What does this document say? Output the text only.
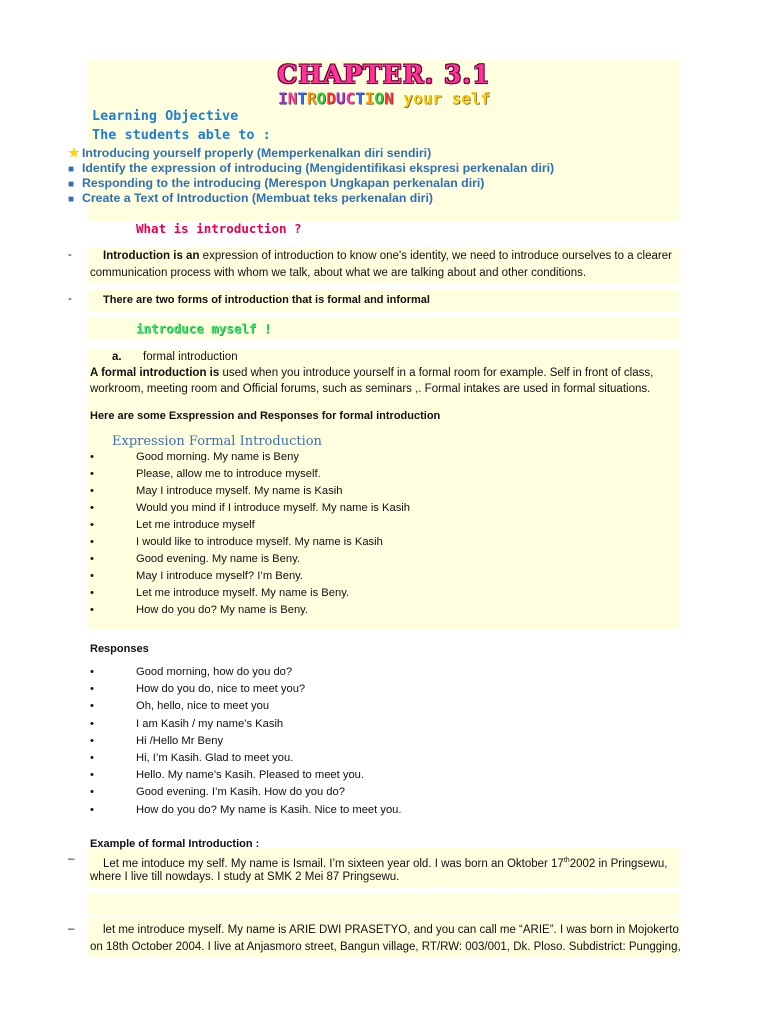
CHAPTER. 3.1
INTRODUCTION your self
Learning Objective
The students able to :
★ Introducing yourself properly (Memperkenalkan diri sendiri)
■ Identify the expression of introducing (Mengidentifikasi ekspresi perkenalan diri)
■ Responding to the introducing (Merespon Ungkapan perkenalan diri)
■ Create a Text of Introduction (Membuat teks perkenalan diri)
What is introduction ?
-	Introduction is an expression of introduction to know one's identity, we need to introduce ourselves to a clearer
communication process with whom we talk, about what we are talking about and other conditions.
-	There are two forms of introduction that is formal and informal
introduce myself !
a. formal introduction
A formal introduction is used when you introduce yourself in a formal room for example. Self in front of class,
workroom, meeting room and Official forums, such as seminars ,. Formal intakes are used in formal situations.
Here are some Exspression and Responses for formal introduction
Expression Formal Introduction
•	Good morning. My name is Beny
•	Please, allow me to introduce myself.
•	May I introduce myself. My name is Kasih
•	Would you mind if I introduce myself. My name is Kasih
•	Let me introduce myself
•	I would like to introduce myself. My name is Kasih
•	Good evening. My name is Beny.
•	May I introduce myself? I’m Beny.
•	Let me introduce myself. My name is Beny.
•	How do you do? My name is Beny.
Responses
•	Good morning, how do you do?
•	How do you do, nice to meet you?
•	Oh, hello, nice to meet you
•	I am Kasih / my name’s Kasih
•	Hi /Hello Mr Beny
•	Hi, I’m Kasih. Glad to meet you.
•	Hello. My name’s Kasih. Pleased to meet you.
•	Good evening. I’m Kasih. How do you do?
•	How do you do? My name is Kasih. Nice to meet you.
Example of formal Introduction :
– Let me intoduce my self. My name is Ismail. I’m sixteen year old. I was born an Oktober 17th2002 in Pringsewu,
where I live till nowdays. I study at SMK 2 Mei 87 Pringsewu.
– let me introduce myself. My name is ARIE DWI PRASETYO, and you can call me “ARIE”. I was born in Mojokerto
on 18th October 2004. I live at Anjasmoro street, Bangun village, RT/RW: 003/001, Dk. Ploso. Subdistrict: Pungging,
